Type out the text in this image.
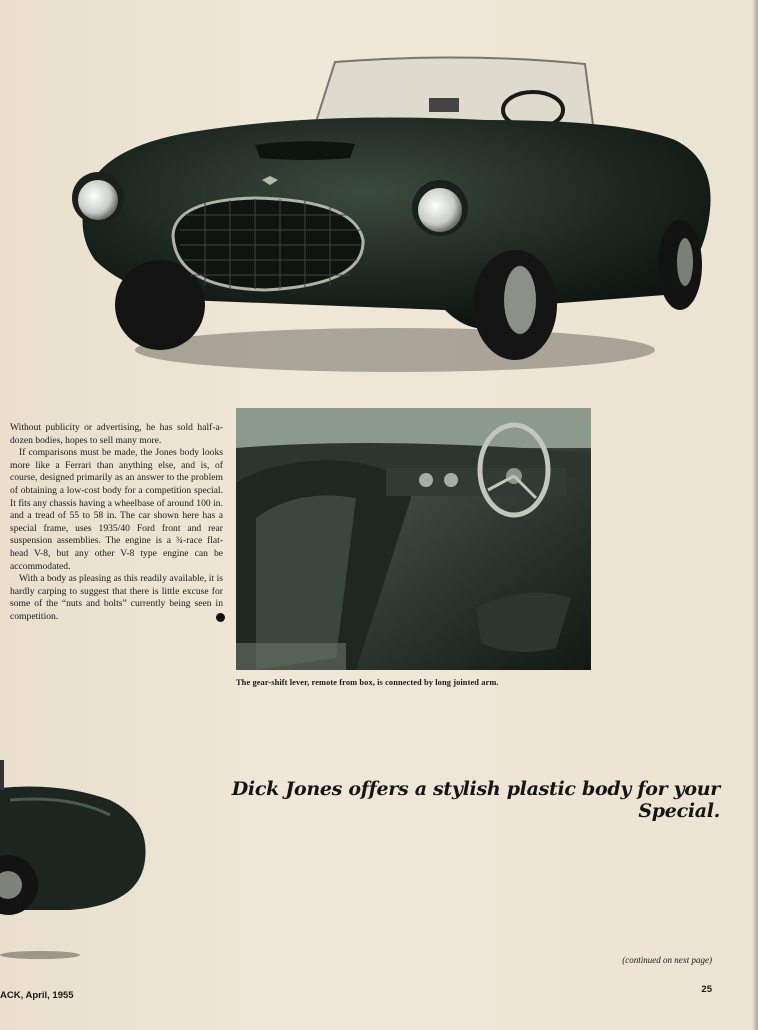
Without publicity or advertising, he has sold half-a-dozen bodies, hopes to sell many more.

If comparisons must be made, the Jones body looks more like a Ferrari than anything else, and is, of course, designed primarily as an answer to the problem of obtaining a low-cost body for a competition special. It fits any chassis having a wheelbase of around 100 in. and a tread of 55 to 58 in. The car shown here has a special frame, uses 1935/40 Ford front and rear suspension assemblies. The engine is a ¾-race flat-head V-8, but any other V-8 type engine can be accommodated.

With a body as pleasing as this readily available, it is hardly carping to suggest that there is little excuse for some of the “nuts and bolts” currently being seen in competition.

The gear-shift lever, remote from box, is connected by long jointed arm.
Dick Jones offers a stylish plastic body for your Special.
(continued on next page)
ACK, April, 1955
25
